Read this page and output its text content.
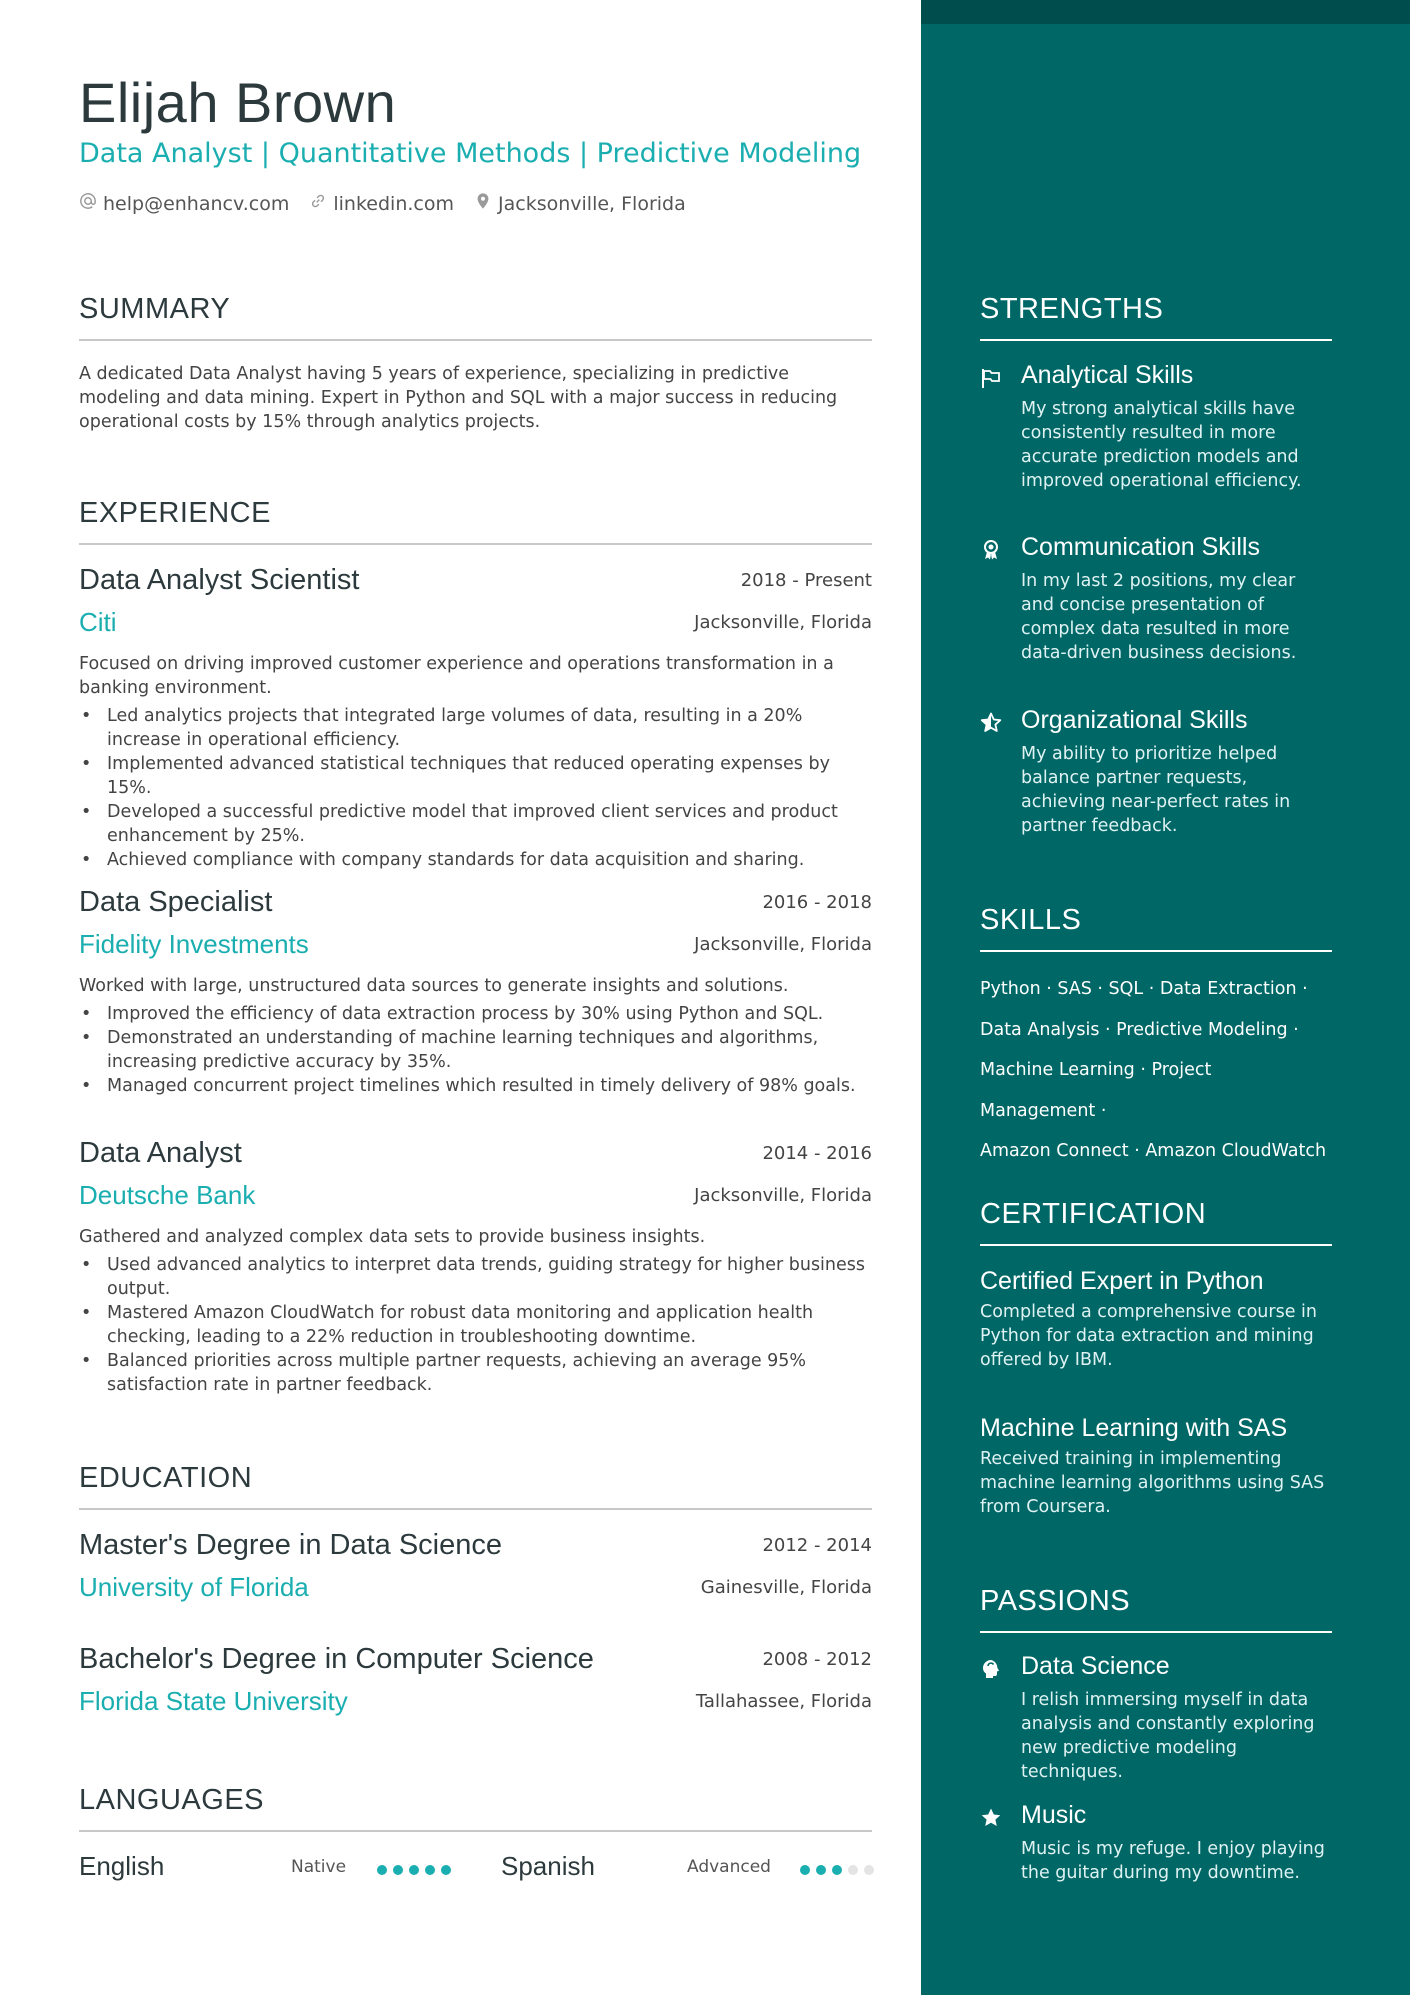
Elijah Brown
Data Analyst | Quantitative Methods | Predictive Modeling
help@enhancv.com linkedin.com Jacksonville, Florida
SUMMARY
A dedicated Data Analyst having 5 years of experience, specializing in predictive modeling and data mining. Expert in Python and SQL with a major success in reducing operational costs by 15% through analytics projects.
EXPERIENCE
Data Analyst Scientist	2018 - Present
Citi	Jacksonville, Florida
Focused on driving improved customer experience and operations transformation in a banking environment.
• Led analytics projects that integrated large volumes of data, resulting in a 20% increase in operational efficiency.
• Implemented advanced statistical techniques that reduced operating expenses by 15%.
• Developed a successful predictive model that improved client services and product enhancement by 25%.
• Achieved compliance with company standards for data acquisition and sharing.
Data Specialist	2016 - 2018
Fidelity Investments	Jacksonville, Florida
Worked with large, unstructured data sources to generate insights and solutions.
• Improved the efficiency of data extraction process by 30% using Python and SQL.
• Demonstrated an understanding of machine learning techniques and algorithms, increasing predictive accuracy by 35%.
• Managed concurrent project timelines which resulted in timely delivery of 98% goals.
Data Analyst	2014 - 2016
Deutsche Bank	Jacksonville, Florida
Gathered and analyzed complex data sets to provide business insights.
• Used advanced analytics to interpret data trends, guiding strategy for higher business output.
• Mastered Amazon CloudWatch for robust data monitoring and application health checking, leading to a 22% reduction in troubleshooting downtime.
• Balanced priorities across multiple partner requests, achieving an average 95% satisfaction rate in partner feedback.
EDUCATION
Master's Degree in Data Science	2012 - 2014
University of Florida	Gainesville, Florida
Bachelor's Degree in Computer Science	2008 - 2012
Florida State University	Tallahassee, Florida
LANGUAGES
English	Native	Spanish	Advanced
STRENGTHS
Analytical Skills
My strong analytical skills have consistently resulted in more accurate prediction models and improved operational efficiency.
Communication Skills
In my last 2 positions, my clear and concise presentation of complex data resulted in more data-driven business decisions.
Organizational Skills
My ability to prioritize helped balance partner requests, achieving near-perfect rates in partner feedback.
SKILLS
Python · SAS · SQL · Data Extraction ·
Data Analysis · Predictive Modeling ·
Machine Learning · Project Management ·
Amazon Connect · Amazon CloudWatch
CERTIFICATION
Certified Expert in Python
Completed a comprehensive course in Python for data extraction and mining offered by IBM.
Machine Learning with SAS
Received training in implementing machine learning algorithms using SAS from Coursera.
PASSIONS
Data Science
I relish immersing myself in data analysis and constantly exploring new predictive modeling techniques.
Music
Music is my refuge. I enjoy playing the guitar during my downtime.
